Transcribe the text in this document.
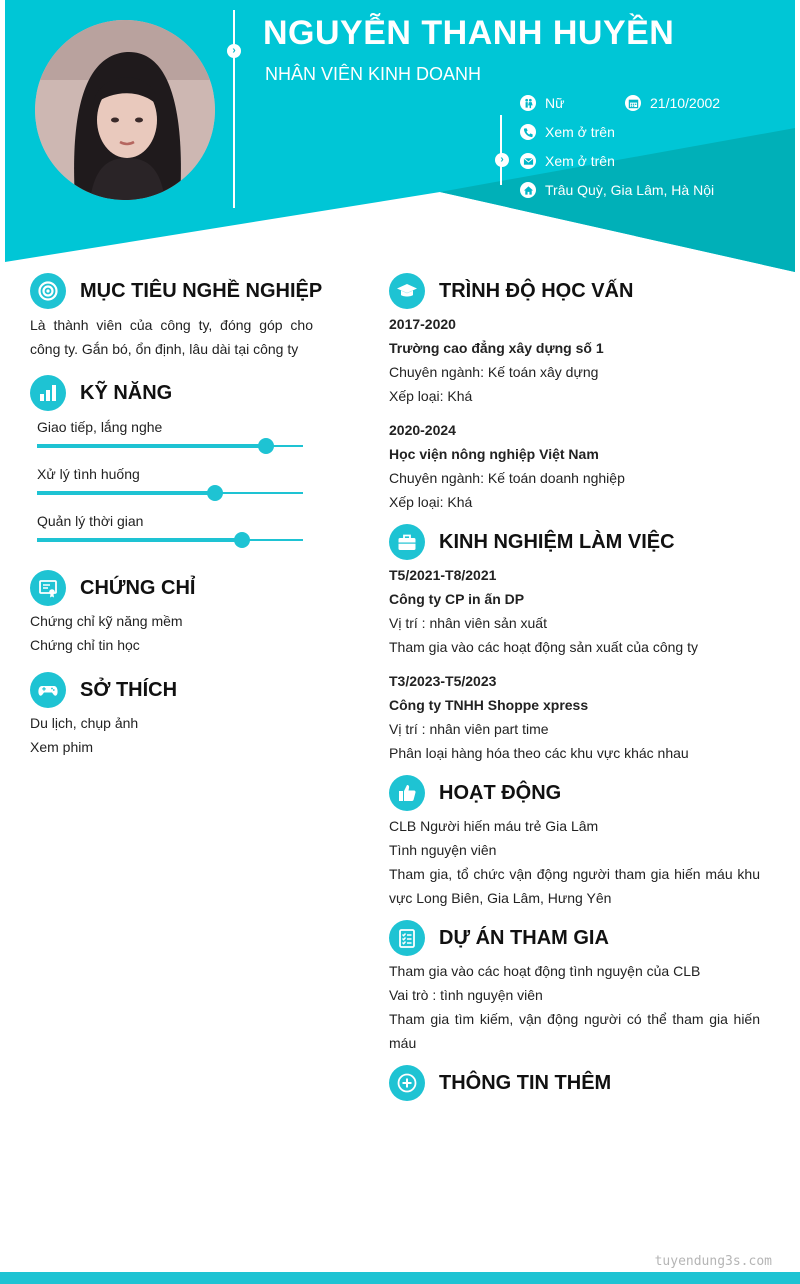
› NGUYỄN THANH HUYỀN
NHÂN VIÊN KINH DOANH
›
Nữ	21/10/2002
Xem ở trên
Xem ở trên
Trâu Quỳ, Gia Lâm, Hà Nội
MỤC TIÊU NGHỀ NGHIỆP
Là thành viên của công ty, đóng góp cho công ty. Gắn bó, ổn định, lâu dài tại công ty
KỸ NĂNG
Giao tiếp, lắng nghe
Xử lý tình huống
Quản lý thời gian
CHỨNG CHỈ
Chứng chỉ kỹ năng mềm
Chứng chỉ tin học
SỞ THÍCH
Du lịch, chụp ảnh
Xem phim
TRÌNH ĐỘ HỌC VẤN
2017-2020
Trường cao đẳng xây dựng số 1
Chuyên ngành: Kế toán xây dựng
Xếp loại: Khá
2020-2024
Học viện nông nghiệp Việt Nam
Chuyên ngành: Kế toán doanh nghiệp
Xếp loại: Khá
KINH NGHIỆM LÀM VIỆC
T5/2021-T8/2021
Công ty CP in ấn DP
Vị trí : nhân viên sản xuất
Tham gia vào các hoạt động sản xuất của công ty
T3/2023-T5/2023
Công ty TNHH Shoppe xpress
Vị trí : nhân viên part time
Phân loại hàng hóa theo các khu vực khác nhau
HOẠT ĐỘNG
CLB Người hiến máu trẻ Gia Lâm
Tình nguyện viên
Tham gia, tổ chức vận động người tham gia hiến máu khu vực Long Biên, Gia Lâm, Hưng Yên
DỰ ÁN THAM GIA
Tham gia vào các hoạt động tình nguyện của CLB
Vai trò : tình nguyện viên
Tham gia tìm kiếm, vận động người có thể tham gia hiến máu
THÔNG TIN THÊM
tuyendung3s.com
